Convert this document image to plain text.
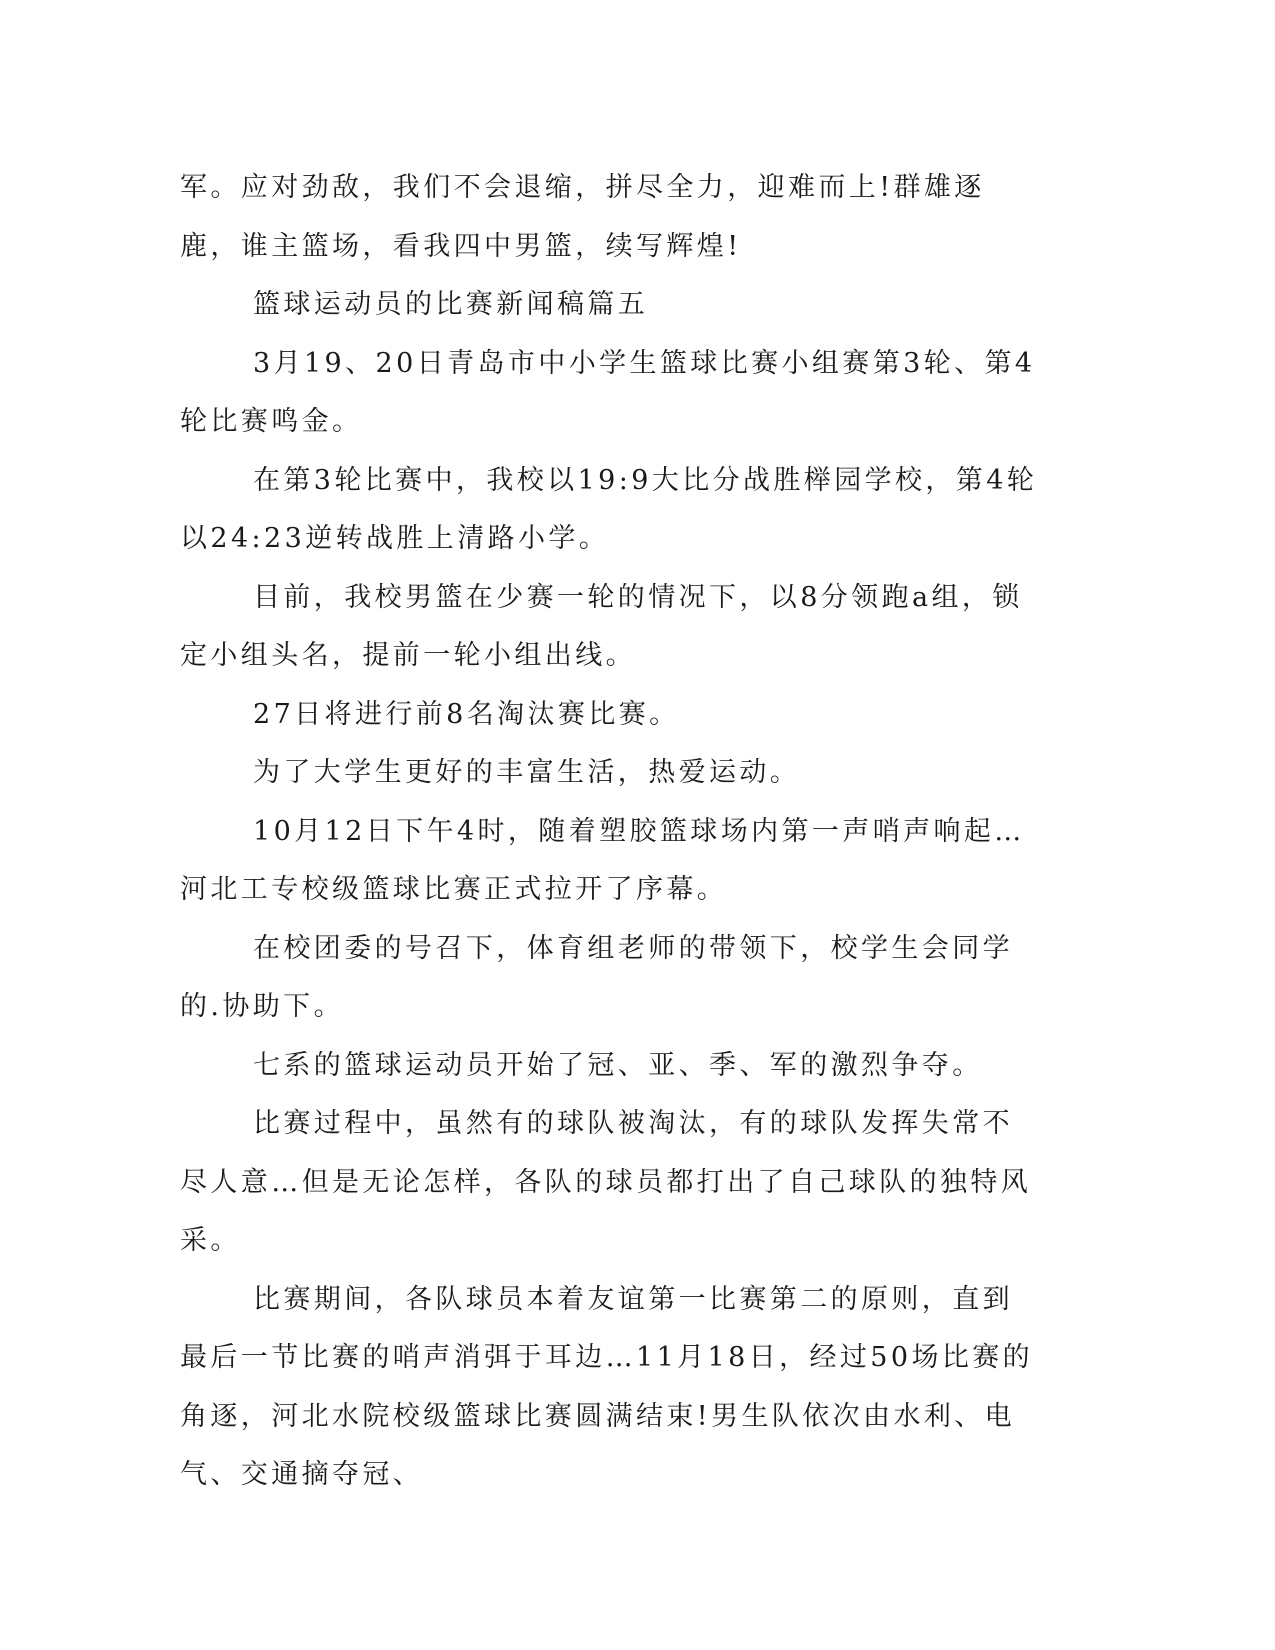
军。应对劲敌，我们不会退缩，拼尽全力，迎难而上!群雄逐鹿，谁主篮场，看我四中男篮，续写辉煌!

篮球运动员的比赛新闻稿篇五

3月19、20日青岛市中小学生篮球比赛小组赛第3轮、第4轮比赛鸣金。

在第3轮比赛中，我校以19:9大比分战胜榉园学校，第4轮以24:23逆转战胜上清路小学。

目前，我校男篮在少赛一轮的情况下，以8分领跑a组，锁定小组头名，提前一轮小组出线。

27日将进行前8名淘汰赛比赛。

为了大学生更好的丰富生活，热爱运动。

10月12日下午4时，随着塑胶篮球场内第一声哨声响起…河北工专校级篮球比赛正式拉开了序幕。

在校团委的号召下，体育组老师的带领下，校学生会同学的.协助下。

七系的篮球运动员开始了冠、亚、季、军的激烈争夺。

比赛过程中，虽然有的球队被淘汰，有的球队发挥失常不尽人意…但是无论怎样，各队的球员都打出了自己球队的独特风采。

比赛期间，各队球员本着友谊第一比赛第二的原则，直到最后一节比赛的哨声消弭于耳边…11月18日，经过50场比赛的角逐，河北水院校级篮球比赛圆满结束!男生队依次由水利、电气、交通摘夺冠、
